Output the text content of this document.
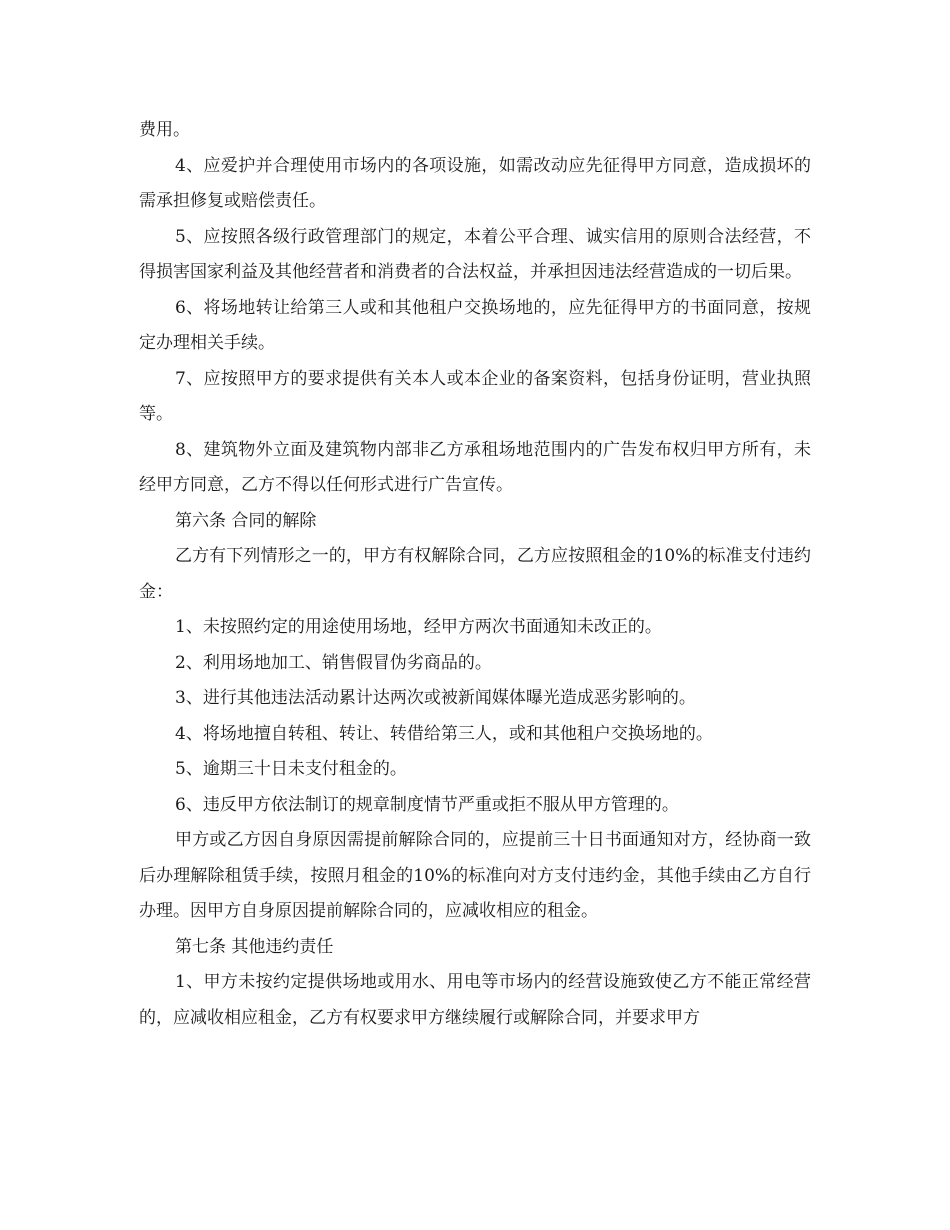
费用。

4、应爱护并合理使用市场内的各项设施，如需改动应先征得甲方同意，造成损坏的需承担修复或赔偿责任。

5、应按照各级行政管理部门的规定，本着公平合理、诚实信用的原则合法经营，不得损害国家利益及其他经营者和消费者的合法权益，并承担因违法经营造成的一切后果。

6、将场地转让给第三人或和其他租户交换场地的，应先征得甲方的书面同意，按规定办理相关手续。

7、应按照甲方的要求提供有关本人或本企业的备案资料，包括身份证明，营业执照等。

8、建筑物外立面及建筑物内部非乙方承租场地范围内的广告发布权归甲方所有，未经甲方同意，乙方不得以任何形式进行广告宣传。

第六条 合同的解除

乙方有下列情形之一的，甲方有权解除合同，乙方应按照租金的10%的标准支付违约金：

1、未按照约定的用途使用场地，经甲方两次书面通知未改正的。

2、利用场地加工、销售假冒伪劣商品的。

3、进行其他违法活动累计达两次或被新闻媒体曝光造成恶劣影响的。

4、将场地擅自转租、转让、转借给第三人，或和其他租户交换场地的。

5、逾期三十日未支付租金的。

6、违反甲方依法制订的规章制度情节严重或拒不服从甲方管理的。

甲方或乙方因自身原因需提前解除合同的，应提前三十日书面通知对方，经协商一致后办理解除租赁手续，按照月租金的10%的标准向对方支付违约金，其他手续由乙方自行办理。因甲方自身原因提前解除合同的，应减收相应的租金。

第七条 其他违约责任

1、甲方未按约定提供场地或用水、用电等市场内的经营设施致使乙方不能正常经营的，应减收相应租金，乙方有权要求甲方继续履行或解除合同，并要求甲方
